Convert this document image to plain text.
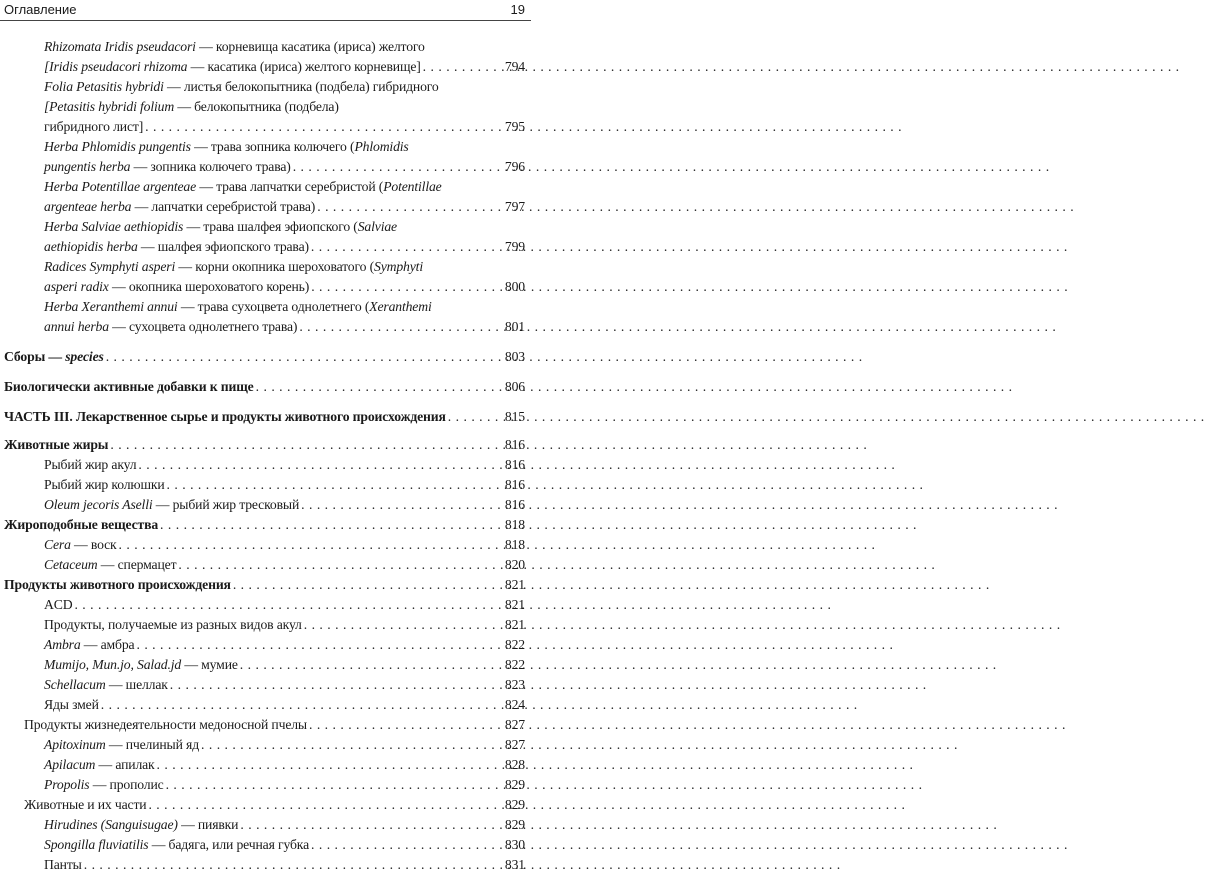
Оглавление	19
Rhizomata Iridis pseudacori — корневища касатика (ириса) желтого
[Iridis pseudacori rhizoma — касатика (ириса) желтого корневище] . . .	794
Folia Petasitis hybridi — листья белокопытника (подбела) гибридного
[Petasitis hybridi folium — белокопытника (подбела)
гибридного лист] . . .	795
Herba Phlomidis pungentis — трава зопника колючего (Phlomidis
pungentis herba — зопника колючего трава) . . .	796
Herba Potentillae argenteae — трава лапчатки серебристой (Potentillae
argenteae herba — лапчатки серебристой трава) . . .	797
Herba Salviae aethiopidis — трава шалфея эфиопского (Salviae
aethiopidis herba — шалфея эфиопского трава) . . .	799
Radices Symphyti asperi — корни окопника шероховатого (Symphyti
asperi radix — окопника шероховатого корень) . . .	800
Herba Xeranthemi annui — трава сухоцвета однолетнего (Xeranthemi
annui herba — сухоцвета однолетнего трава) . . .	801
Сборы — species . . .	803
Биологически активные добавки к пище . . .	806
ЧАСТЬ III. Лекарственное сырье и продукты животного происхождения . . .	815
Животные жиры . . .	816
Рыбий жир акул . . .	816
Рыбий жир колюшки . . .	816
Oleum jecoris Aselli — рыбий жир тресковый . . .	816
Жироподобные вещества . . .	818
Cera — воск . . .	818
Cetaceum — спермацет . . .	820
Продукты животного происхождения . . .	821
ACD . . .	821
Продукты, получаемые из разных видов акул . . .	821
Ambra — амбра . . .	822
Mumijo, Mun.jo, Salad.jd — мумие . . .	822
Schellacum — шеллак . . .	823
Яды змей . . .	824
Продукты жизнедеятельности медоносной пчелы . . .	827
Apitoxinum — пчелиный яд . . .	827
Apilacum — апилак . . .	828
Propolis — прополис . . .	829
Животные и их части . . .	829
Hirudines (Sanguisugae) — пиявки . . .	829
Spongilla fluviatilis — бадяга, или речная губка . . .	830
Панты . . .	831
